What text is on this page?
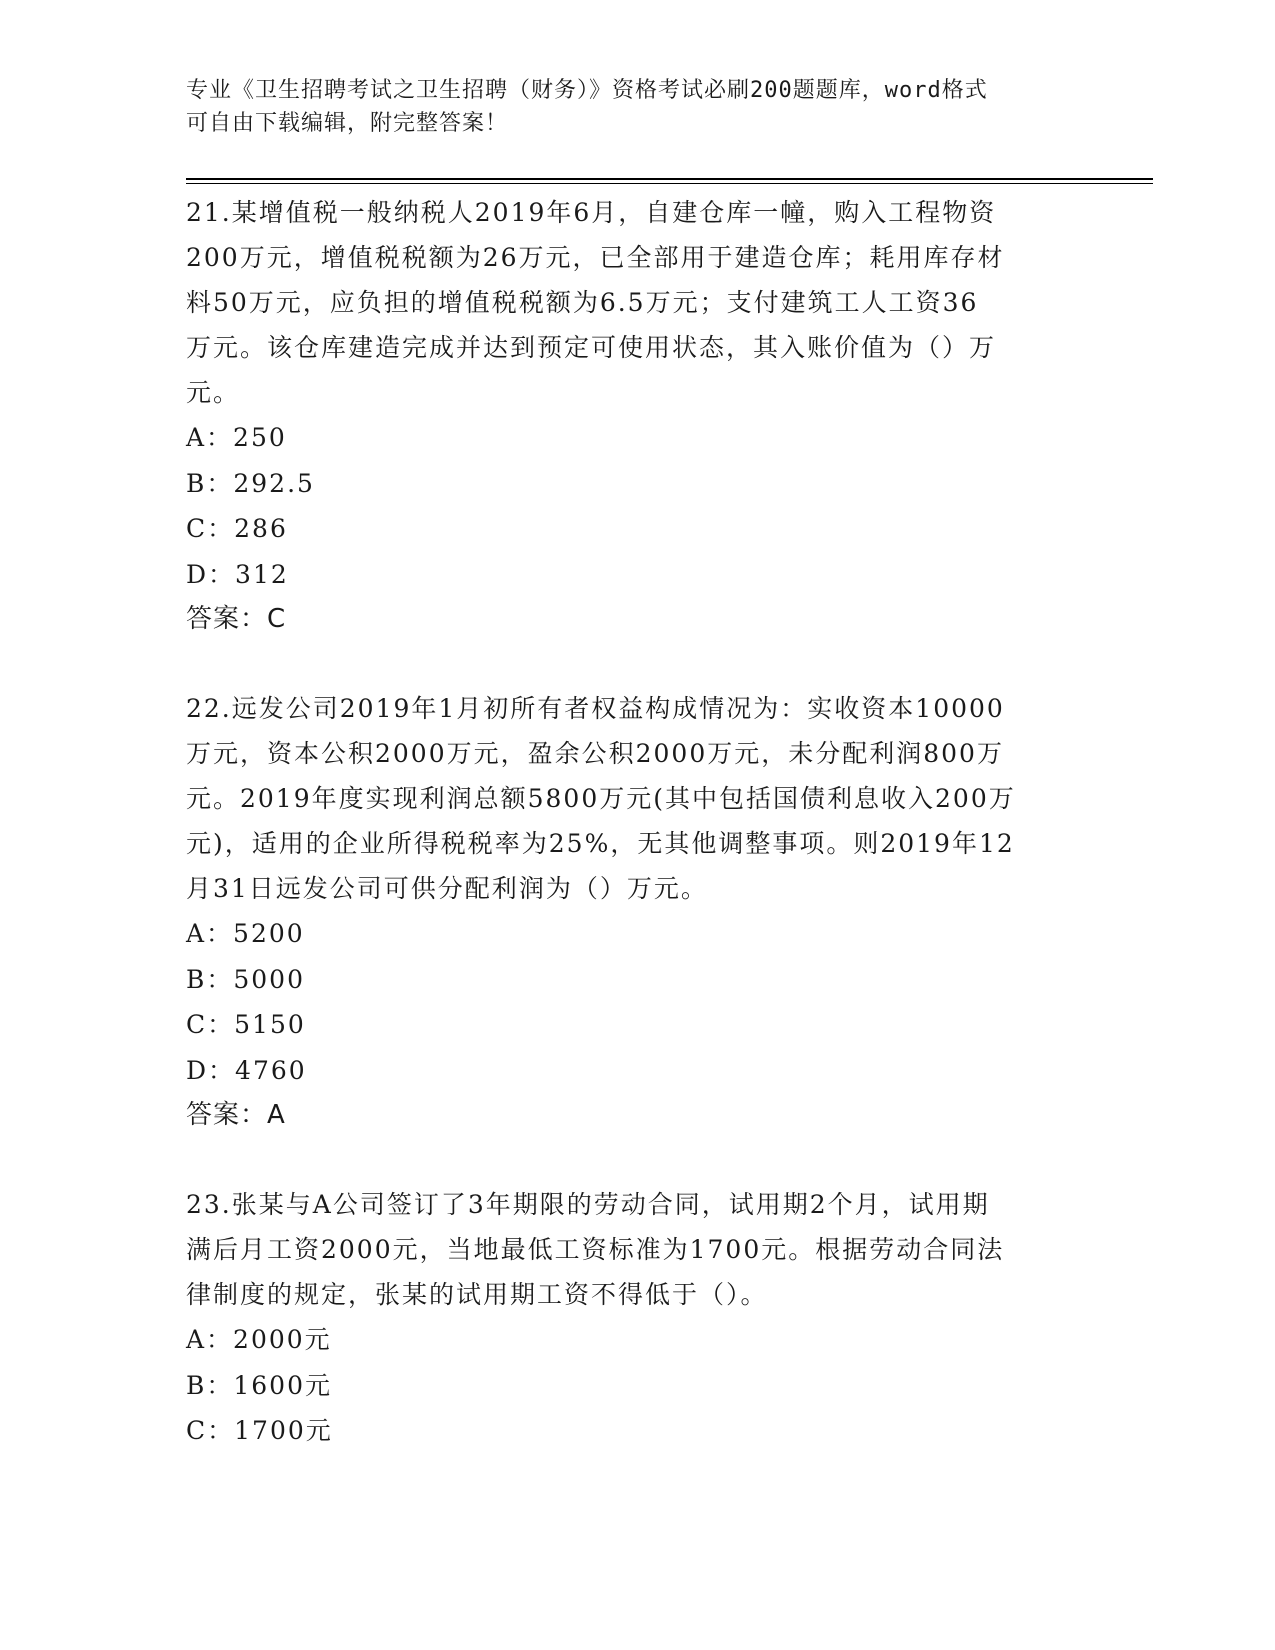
专业《卫生招聘考试之卫生招聘（财务）》资格考试必刷200题题库，word格式
可自由下载编辑，附完整答案！
21.某增值税一般纳税人2019年6月，自建仓库一幢，购入工程物资
200万元，增值税税额为26万元，已全部用于建造仓库；耗用库存材
料50万元，应负担的增值税税额为6.5万元；支付建筑工人工资36
万元。该仓库建造完成并达到预定可使用状态，其入账价值为（）万
元。
A：250
B：292.5
C：286
D：312
答案：C
22.远发公司2019年1月初所有者权益构成情况为：实收资本10000
万元，资本公积2000万元，盈余公积2000万元，未分配利润800万
元。2019年度实现利润总额5800万元(其中包括国债利息收入200万
元)，适用的企业所得税税率为25%，无其他调整事项。则2019年12
月31日远发公司可供分配利润为（）万元。
A：5200
B：5000
C：5150
D：4760
答案：A
23.张某与A公司签订了3年期限的劳动合同，试用期2个月，试用期
满后月工资2000元，当地最低工资标准为1700元。根据劳动合同法
律制度的规定，张某的试用期工资不得低于（）。
A：2000元
B：1600元
C：1700元
